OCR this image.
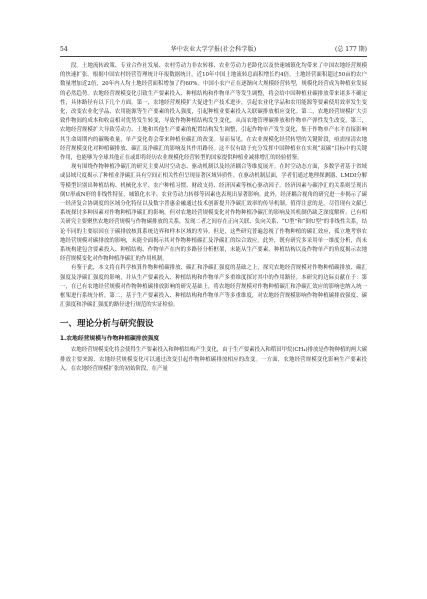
54	华中农业大学学报(社会科学版)	(总 177 期)

段。土地流转政策、专业合作社发展、农村劳动力非农转移、农业劳动力老龄化以及快速城镇化均带来了中国农地经营规模的快速扩张。根据中国农村经营管理统计年报数据统计，近10年中国土地流转总面积增长约4倍，土地经营面积超过50亩的农户数量增加近2倍，20年内人均土地经营面积增加了约60%。中国小农户正在逐渐向大规模经营转型，规模化经营成为种植业发展的必然趋势。农地经营规模变化引致生产要素投入、种植结构和作物单产等发生调整，将会给中国种植业碳排放带来诸多不确定性，具体路径有以下几个方面。第一，农地经营规模扩大促进生产技术进步，引起农业化学品和农用能源等要素使用效率发生变化，改变农业化学品、农用能源等生产要素的投入强度，引起种植业要素投入关联碳排放相应变化。第二，农地经营规模扩大引致作物间的成本和收益相对优势发生转变，导致作物种植结构发生变化，从而农地管理碳排放和作物单产弹性发生改变。第三，农地经营规模扩大导致劳动力、土地和其他生产要素的配置结构发生调整，引起作物单产发生变化，集于作物单产水平直接影响其生命周期内的碳吸收量，单产变化将会带来种植业碳汇的改变。显而易见，在农业规模化经营转型的关键阶段，亟需厘清农地经营规模变化对种植碳排放、碳汇及净碳汇的影响及其作用路径。这不仅有助于充分发挥中国种植业在实现“双碳”目标中的关键作用，也能够为全球其他正在或即将经历农业规模化经营转型的国家提供种植业减排增汇的经验借鉴。

现有围绕作物种植净碳汇的研究主要从时空动态、驱动机制以及经济耦合等维度展开。在时空动态方面，多数学者基于省域或县域尺度揭示了种植业净碳汇具有空间正相关性但呈现显著区域异质性。在驱动机制层面，学者们通过地理探测器、LMDI分解等模型识别出种植结构、机械化水平、农户种植习惯、财政支持、经济因素等核心驱动因子。经济因素与碳净汇的关系则呈现出倒U形或N形的非线性特征，城镇化水平、农业劳动力转移等因素也表现出显著影响。此外，经济耦合视角的研究进一步揭示了碳一经济复合协调度的区域分化特征以及数字普惠金融通过技术创新提升净碳汇效率的传导机制。值得注意的是，尽管现有文献已系统探讨多种因素对作物种植净碳汇的影响，但对农地经营规模变化对作物种植净碳汇的影响及其机制仍缺乏深度解析。已有相关研究主要聚焦农地经营规模与作物碳排放的关系，发现二者之间存在正向关联、负向关系、“U型”和“倒U型”的非线性关系，结论不同的主要原因在于碳排放核算系统边界和样本区域的差异。但是，这些研究普遍忽视了作物种植的碳汇效应，孤立地考察农地经营规模对碳排放的影响，未能全面揭示其对作物种植碳汇及净碳汇的综合效应。此外，既有研究多采用单一维度分析，尚未系统构建包含要素投入、种植结构、作物单产在内的多路径分析框架，未能从生产要素、种植结构以及作物单产的角度揭示农地经营规模变化对作物种植净碳汇的作用机制。

有鉴于此，本文将在科学核算作物种植碳排放、碳汇和净碳汇强度的基础之上，探究农地经营规模对作物种植碳排放、碳汇强度及净碳汇强度的影响，并从生产要素投入、种植结构和作物单产多重维度探讨其中的作用路径。本研究的边际贡献在于：第一，在已有农地经营规模对作物种植碳排放影响的研究基础上，将农地经营规模对作物种植碳汇和净碳汇效应的影响也纳入统一框架进行系统分析。第二，基于生产要素投入、种植结构和作物单产等多重维度，对农地经营规模影响作物种植碳排放强度、碳汇强度和净碳汇强度的路径进行规范的实证检验。

一、理论分析与研究假设
1.农地经营规模与作物种植碳排放强度

农地经营规模变化将会使得生产要素投入和种植结构产生变化，由于生产要素投入和稻田甲烷(CH₄)排放是作物种植的两大碳排放主要来源，农地经营规模变化可以通过改变引起作物种植碳排放相应的改变。一方面，农地经营规模变化影响生产要素投入。在农地经营规模扩张的初始阶段，在产量
